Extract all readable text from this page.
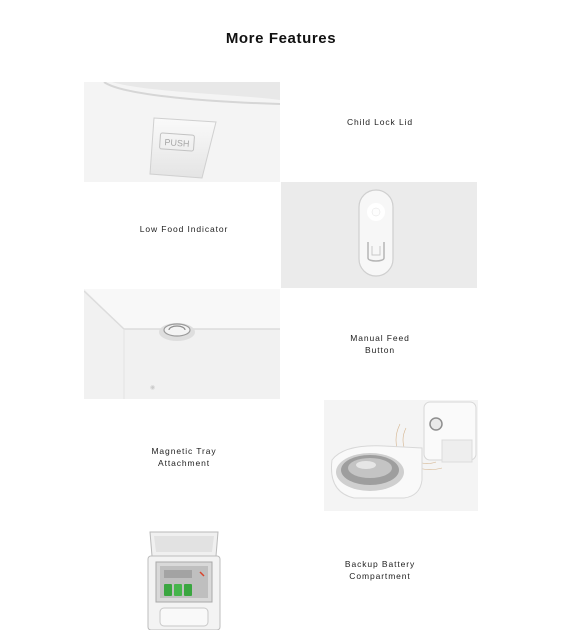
More Features
PUSH
Child Lock Lid
Low Food Indicator
◉
Manual Feed
Button
Magnetic Tray
Attachment
Backup Battery
Compartment
